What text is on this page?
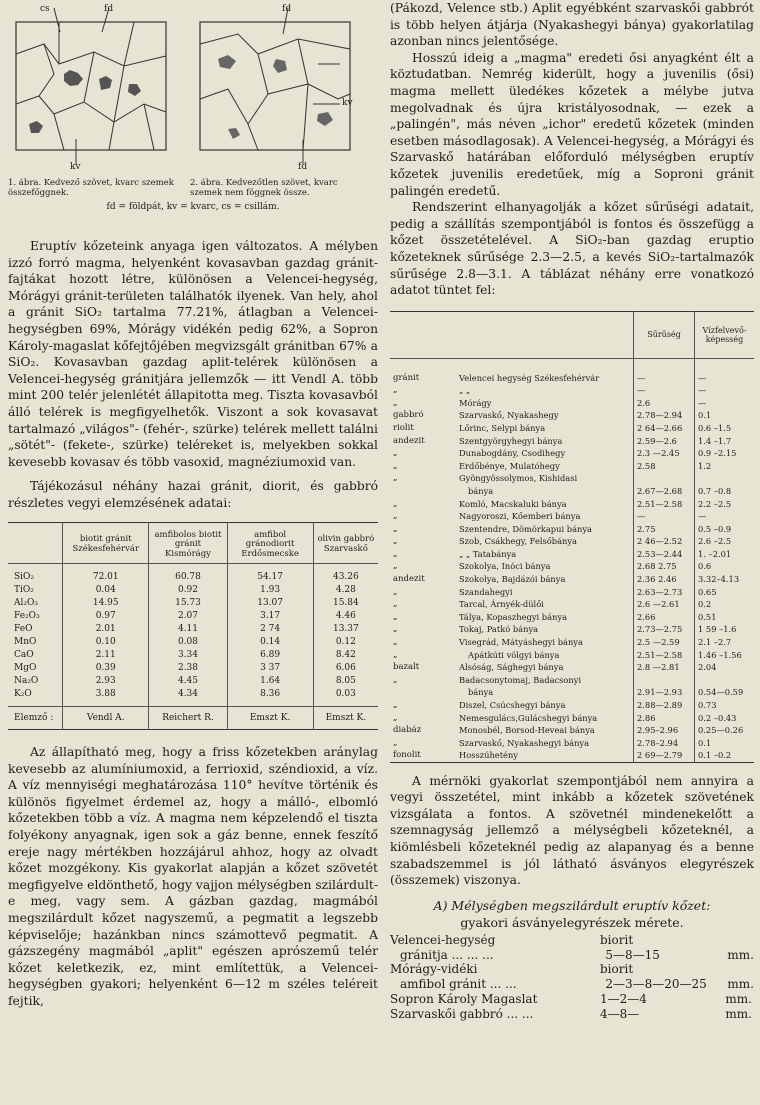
cs	fd
kv
fd
kv
fd
1. ábra. Kedvező szövet, kvarc szemek összefőggnek.
2. ábra. Kedvezőtlen szövet, kvarc szemek nem föggnek össze.
fd = földpát, kv = kvarc, cs = csillám.

Eruptív kőzeteink anyaga igen változatos. A mélyben izzó forró magma, helyenként kovasavban gazdag gránit-fajtákat hozott létre, különösen a Velencei-hegység, Mórágyi gránit-területen találhatók ilyenek. Van hely, ahol a gránit SiO₂ tartalma 77.21%, átlagban a Velencei-hegységben 69%, Mórágy vidékén pedig 62%, a Sopron Károly-magaslat kőfejtőjében megvizsgált gránitban 67% a SiO₂. Kovasavban gazdag aplit-telérek különösen a Velencei-hegység gránitjára jellemzők — itt Vendl A. több mint 200 telér jelenlétét állapitotta meg. Tiszta kovasavból álló telérek is megfigyelhetők. Viszont a sok kovasavat tartalmazó „világos"- (fehér-, szürke) telérek mellett találni „sötét"- (fekete-, szürke) teléreket is, melyekben sokkal kevesebb kovasav és több vasoxid, magnéziumoxid van.

Tájékozásul néhány hazai gránit, diorit, és gabbró részletes vegyi elemzésének adatai:

	biotit gránit Székesfehérvár	amfibolos biotit gránit Kismórágy	amfibol gránodiorit Erdősmecske	olivin gabbró Szarvaskő

SiO₂	72.01	60.78	54.17	43.26
TiO₂	0.04	0.92	1.93	4.28
Al₂O₃	14.95	15.73	13.07	15.84
Fe₂O₃	0.97	2.07	3.17	4.46
FeO	2.01	4.11	2 74	13.37
MnO	0.10	0.08	0.14	0.12
CaO	2.11	3.34	6.89	8.42
MgO	0.39	2.38	3 37	6.06
Na₂O	2.93	4.45	1.64	8.05
K₂O	3.88	4.34	8.36	0.03

Elemző :	Vendl A.	Reichert R.	Emszt K.	Emszt K.

Az állapítható meg, hogy a friss kőzetekben aránylag kevesebb az alumíniumoxid, a ferrioxid, széndioxid, a víz. A víz mennyiségi meghatározása 110° hevítve történik és különös figyelmet érdemel az, hogy a málló-, elbomló kőzetekben több a víz. A magma nem képzelendő el tiszta folyékony anyagnak, igen sok a gáz benne, ennek feszítő ereje nagy mértékben hozzájárul ahhoz, hogy az olvadt kőzet mozgékony. Kis gyakorlat alapján a kőzet szövetét megfigyelve eldönthető, hogy vajjon mélységben szilárdult-e meg, vagy sem. A gázban gazdag, magmából megszilárdult kőzet nagyszemű, a pegmatit a legszebb képviselője; hazánkban nincs számottevő pegmatit. A gázszegény magmából „aplit" egészen aprószemű telér kőzet keletkezik, ez, mint említettük, a Velencei-hegységben gyakori; helyenként 6—12 m széles teléreit fejtik,

(Pákozd, Velence stb.) Aplit egyébként szarvaskői gabbrót is több helyen átjárja (Nyakashegyi bánya) gyakorlatilag azonban nincs jelentősége.

Hosszú ideig a „magma" eredeti ősi anyagként élt a köztudatban. Nemrég kiderült, hogy a juvenilis (ősi) magma mellett üledékes kőzetek a mélybe jutva megolvadnak és újra kristályosodnak, — ezek a „palingén", más néven „ichor" eredetű kőzetek (minden esetben másodlagosak). A Velencei-hegység, a Mórágyi és Szarvaskő határában előforduló mélységben eruptív kőzetek juvenilis eredetűek, míg a Soproni gránit palingén eredetű.

Rendszerint elhanyagolják a kőzet sűrűségi adatait, pedig a szállítás szempontjából is fontos és összefügg a kőzet összetételével. A SiO₂-ban gazdag eruptio kőzeteknek sűrűsége 2.3—2.5, a kevés SiO₂-tartalmazók sűrűsége 2.8—3.1. A táblázat néhány erre vonatkozó adatot tüntet fel:

		Sűrűség	Vízfelvevő-képesség

gránit	Velencei hegység Székesfehérvár	—	—
„	„ „	—	—
„	Mórágy	2.6	—
gabbró	Szarvaskő, Nyakashegy	2.78—2.94	0.1
riolit	Lőrinc, Selypi bánya	2 64—2.66	0.6 –1.5
andezit	Szentgyörgyhegyi bánya	2.59—2.6	1.4 –1.7
„	Dunabogdány, Csodihegy	2.3 —2.45	0.9 –2.15
„	Erdőbénye, Mulatóhegy	2.58	1.2
„	Gyöngyössolymos, Kishidasi		
	bánya	2.67—2.68	0.7 –0.8
„	Komló, Macskaluki bánya	2.51—2.58	2.2 –2.5
„	Nagyoroszi, Kőemberi bánya	—	—
„	Szentendre, Dömörkapui bánya	2.75	0.5 –0.9
„	Szob, Csákhegy, Felsőbánya	2 46—2.52	2.6 –2.5
„	„ „ Tatabánya	2.53—2.44	1. –2.01
„	Szokolya, Inóci bánya	2.68 2.75	0.6
andezit	Szokolya, Bajdázói bánya	2.36 2.46	3.32–4.13
„	Szandahegyi	2.63—2.73	0.65
„	Tarcal, Árnyék-dülői	2.6 —2.61	0.2
„	Tálya, Kopaszhegyi bánya	2.66	0.51
„	Tokaj, Patkó bánya	2.73—2.75	1 59 –1.6
„	Visegrád, Mátyáshegyi bánya	2.5 —2.59	2.1 –2.7
„	Apátkúti völgyi bánya	2.51—2.58	1.46 –1.56
bazalt	Alsóság, Sághegyi bánya	2.8 —2.81	2.04
„	Badacsonytomaj, Badacsonyi		
	bánya	2.91—2.93	0.54—0.59
„	Diszel, Csúcshegyi bánya	2.88—2.89	0.73
„	Nemesgulács,Gulácshegyi bánya	2.86	0.2 –0.43
diabáz	Monosbél, Borsod-Heveai bánya	2.95–2.96	0.25—0.26
„	Szarvaskő, Nyakashegyi bánya	2.78–2.94	0.1
fonolit	Hosszúhetény	2 69—2.79	0.1 –0.2

A mérnöki gyakorlat szempontjából nem annyira a vegyi összetétel, mint inkább a kőzetek szövetének vizsgálata a fontos. A szövetnél mindenekelőtt a szemnagyság jellemző a mélységbeli kőzeteknél, a kiömlésbeli kőzeteknél pedig az alapanyag és a benne szabadszemmel is jól látható ásványos elegyrészek (összemek) viszonya.

A) Mélységben megszilárdult eruptív kőzet:
gyakori ásványelegyrészek mérete.
Velencei-hegység	biorit
gránitja ... ... ...	5—8—15	mm.
Mórágy-vidéki	biorit
amfibol gránit ... ...	2—3—8—20—25	mm.
Sopron Károly Magaslat	1—2—4	mm.
Szarvaskői gabbró ... ...	4—8—	mm.
